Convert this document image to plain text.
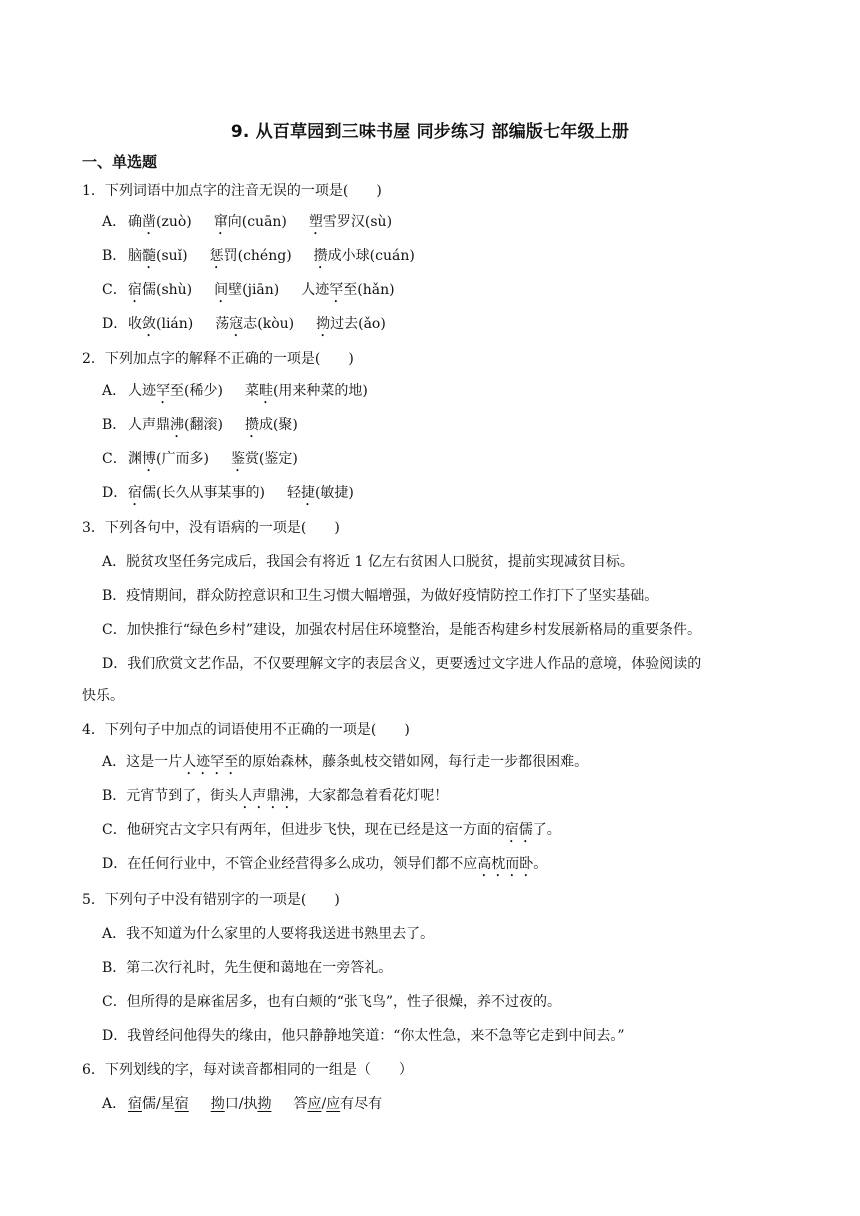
9. 从百草园到三味书屋 同步练习 部编版七年级上册
一、单选题
1．下列词语中加点字的注音无误的一项是(　　)
A． 确凿(zuò) 窜向(cuān) 塑雪罗汉(sù)
B． 脑髓(suǐ) 惩罚(chéng) 攒成小球(cuán)
C．宿儒(shù) 间壁(jiān) 人迹罕至(hǎn)
D．收敛(lián) 荡寇志(kòu) 拗过去(ǎo)
2．下列加点字的解释不正确的一项是(　　)
A． 人迹罕至(稀少) 菜畦(用来种菜的地)
B． 人声鼎沸(翻滚) 攒成(聚)
C．渊博(广而多) 鉴赏(鉴定)
D．宿儒(长久从事某事的) 轻捷(敏捷)
3．下列各句中，没有语病的一项是(　　)
A．脱贫攻坚任务完成后，我国会有将近 1 亿左右贫困人口脱贫，提前实现减贫目标。
B．疫情期间，群众防控意识和卫生习惯大幅增强，为做好疫情防控工作打下了坚实基础。
C．加快推行“绿色乡村”建设，加强农村居住环境整治，是能否构建乡村发展新格局的重要条件。
D．我们欣赏文艺作品，不仅要理解文字的表层含义，更要透过文字进人作品的意境，体验阅读的
快乐。
4．下列句子中加点的词语使用不正确的一项是(　　)
A．这是一片人迹罕至的原始森林，藤条虬枝交错如网，每行走一步都很困难。
B．元宵节到了，街头人声鼎沸，大家都急着看花灯呢！
C．他研究古文字只有两年，但进步飞快，现在已经是这一方面的宿儒了。
D．在任何行业中，不管企业经营得多么成功，领导们都不应高枕而卧。
5．下列句子中没有错别字的一项是(　　)
A．我不知道为什么家里的人要将我送进书熟里去了。
B．第二次行礼时，先生便和蔼地在一旁答礼。
C．但所得的是麻雀居多，也有白颊的“张飞鸟”，性子很燥，养不过夜的。
D．我曾经问他得失的缘由，他只静静地笑道：“你太性急，来不急等它走到中间去。”
6．下列划线的字，每对读音都相同的一组是（　　）
A． 宿儒/星宿 拗口/执拗 答应/应有尽有
